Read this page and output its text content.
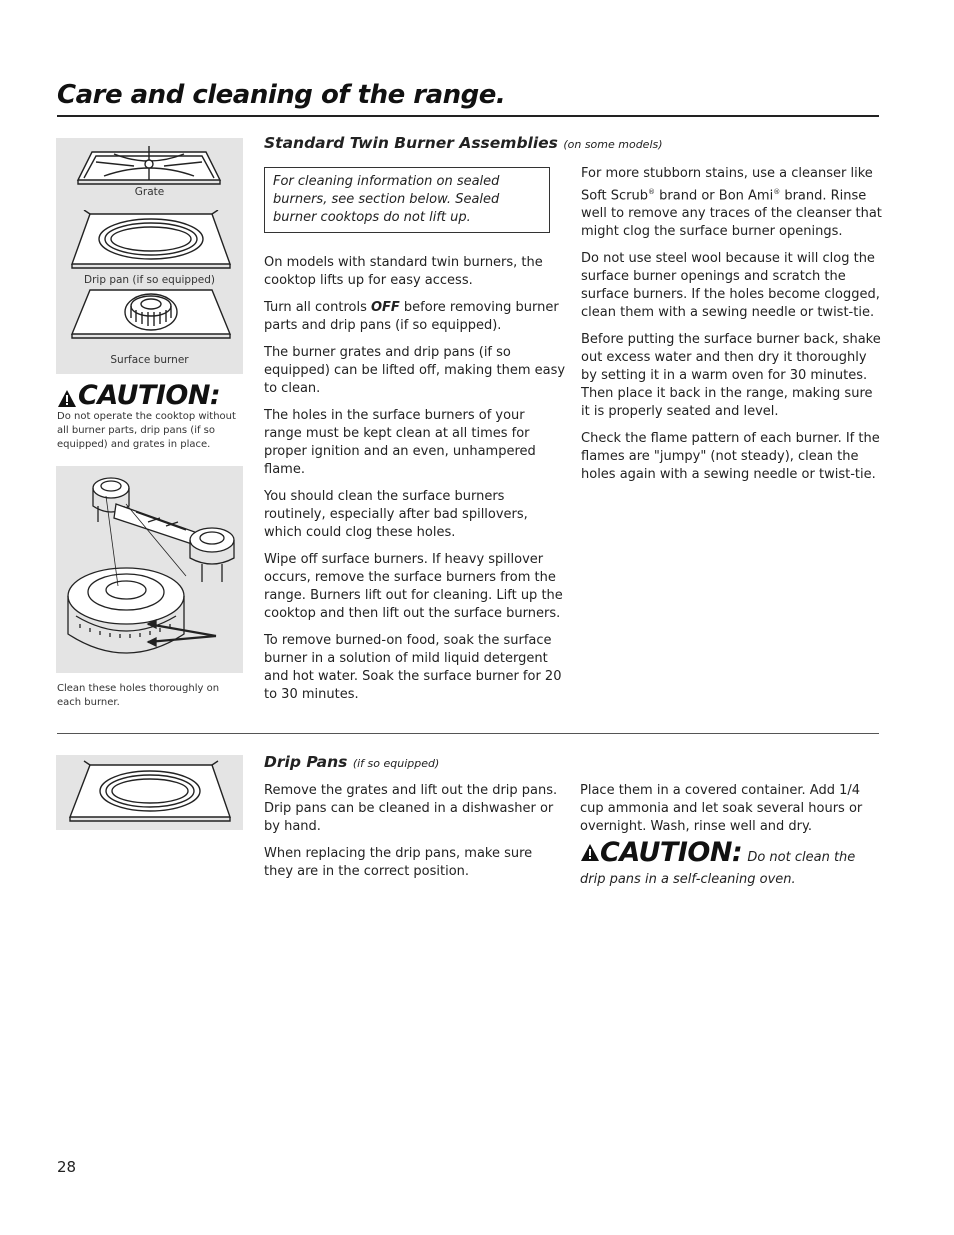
Care and cleaning of the range.
Grate
Drip pan (if so equipped)
Surface burner
CAUTION:
Do not operate the cooktop without all burner parts, drip pans (if so equipped) and grates in place.
Clean these holes thoroughly on each burner.
Standard Twin Burner Assemblies (on some models)
For cleaning information on sealed burners, see section below. Sealed burner cooktops do not lift up.

On models with standard twin burners, the cooktop lifts up for easy access.

Turn all controls OFF before removing burner parts and drip pans (if so equipped).

The burner grates and drip pans (if so equipped) can be lifted off, making them easy to clean.

The holes in the surface burners of your range must be kept clean at all times for proper ignition and an even, unhampered flame.

You should clean the surface burners routinely, especially after bad spillovers, which could clog these holes.

Wipe off surface burners. If heavy spillover occurs, remove the surface burners from the range. Burners lift out for cleaning. Lift up the cooktop and then lift out the surface burners.

To remove burned-on food, soak the surface burner in a solution of mild liquid detergent and hot water. Soak the surface burner for 20 to 30 minutes.

For more stubborn stains, use a cleanser like Soft Scrub® brand or Bon Ami® brand. Rinse well to remove any traces of the cleanser that might clog the surface burner openings.

Do not use steel wool because it will clog the surface burner openings and scratch the surface burners. If the holes become clogged, clean them with a sewing needle or twist-tie.

Before putting the surface burner back, shake out excess water and then dry it thoroughly by setting it in a warm oven for 30 minutes. Then place it back in the range, making sure it is properly seated and level.

Check the flame pattern of each burner. If the flames are "jumpy" (not steady), clean the holes again with a sewing needle or twist-tie.

Drip Pans (if so equipped)

Remove the grates and lift out the drip pans. Drip pans can be cleaned in a dishwasher or by hand.

When replacing the drip pans, make sure they are in the correct position.

Place them in a covered container. Add 1/4 cup ammonia and let soak several hours or overnight. Wash, rinse well and dry.

CAUTION: Do not clean the drip pans in a self-cleaning oven.
28
